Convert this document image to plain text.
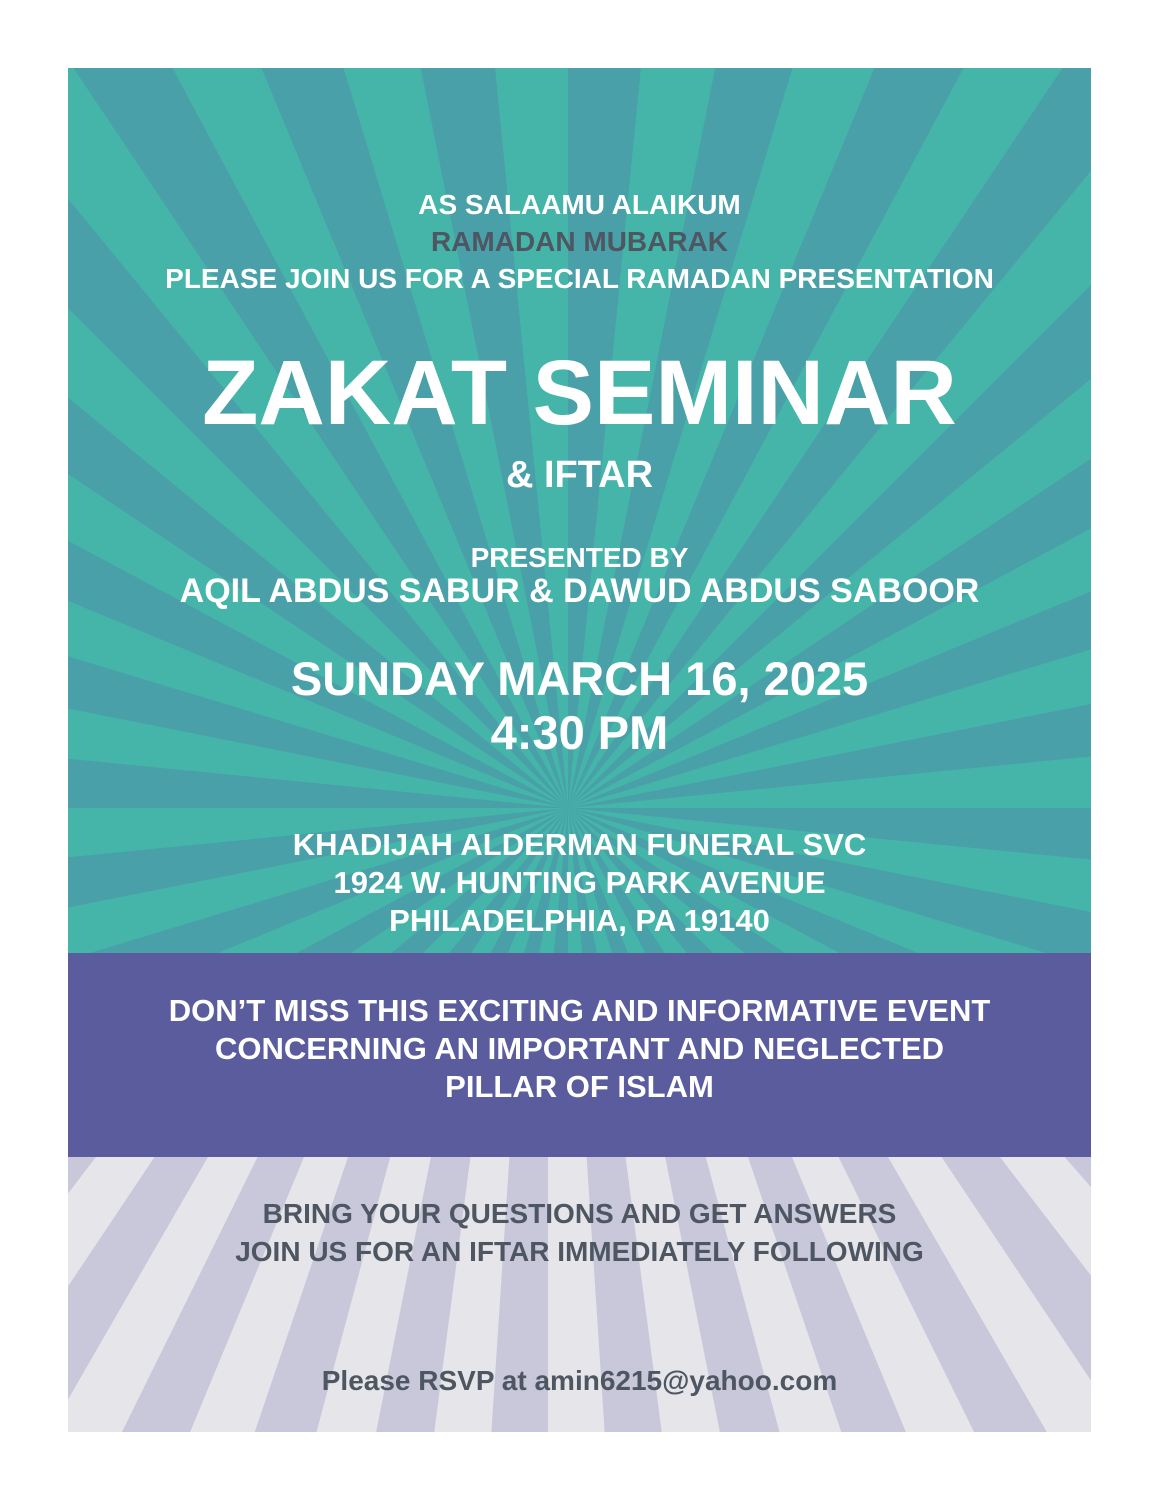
AS SALAAMU ALAIKUM

RAMADAN MUBARAK

PLEASE JOIN US FOR A SPECIAL RAMADAN PRESENTATION

ZAKAT SEMINAR
& IFTAR

PRESENTED BY

AQIL ABDUS SABUR & DAWUD ABDUS SABOOR

SUNDAY MARCH 16, 2025

4:30 PM

KHADIJAH ALDERMAN FUNERAL SVC

1924 W. HUNTING PARK AVENUE

PHILADELPHIA, PA 19140

DON’T MISS THIS EXCITING AND INFORMATIVE EVENT

CONCERNING AN IMPORTANT AND NEGLECTED

PILLAR OF ISLAM

BRING YOUR QUESTIONS AND GET ANSWERS

JOIN US FOR AN IFTAR IMMEDIATELY FOLLOWING

Please RSVP at amin6215@yahoo.com
